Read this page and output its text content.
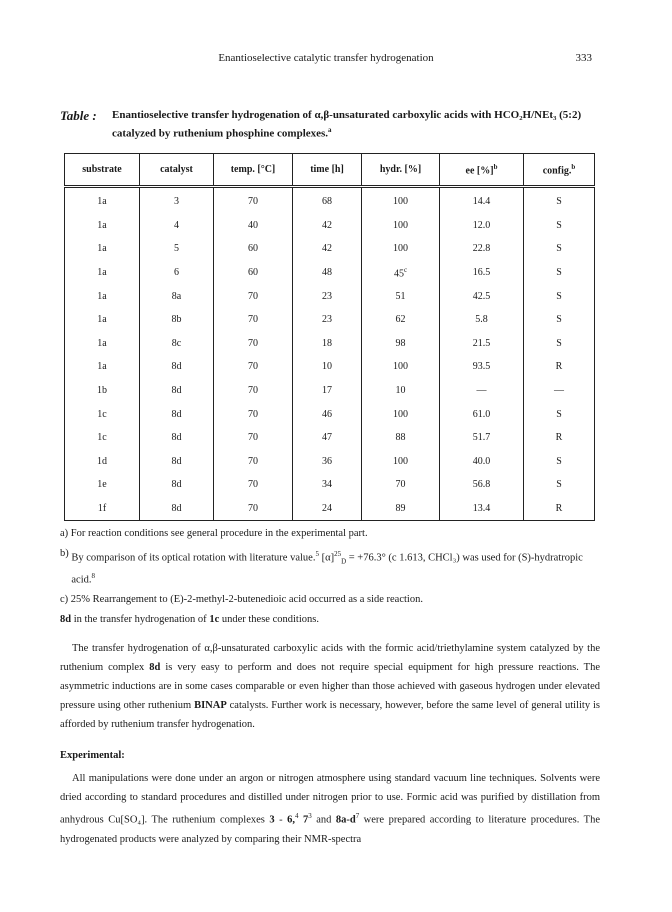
Enantioselective catalytic transfer hydrogenation	333
Table : Enantioselective transfer hydrogenation of α,β-unsaturated carboxylic acids with HCO₂H/NEt₃ (5:2) catalyzed by ruthenium phosphine complexes.$^a$
substrate	catalyst	temp. [°C]	time [h]	hydr. [%]	ee [%]$^b$	config.$^b$
1a	3	70	68	100	14.4	S
1a	4	40	42	100	12.0	S
1a	5	60	42	100	22.8	S
1a	6	60	48	45$^c$	16.5	S
1a	8a	70	23	51	42.5	S
1a	8b	70	23	62	5.8	S
1a	8c	70	18	98	21.5	S
1a	8d	70	10	100	93.5	R
1b	8d	70	17	10	—	—
1c	8d	70	46	100	61.0	S
1c	8d	70	47	88	51.7	R
1d	8d	70	36	100	40.0	S
1e	8d	70	34	70	56.8	S
1f	8d	70	24	89	13.4	R
a) For reaction conditions see general procedure in the experimental part.
b)
By comparison of its optical rotation with literature value.$^5$ $[\alpha]^{25}_D = +76.3^\circ$ (c 1.613, CHCl₃) was used for (S)-hydratropic acid.$^8$
c) 25% Rearrangement to (E)-2-methyl-2-butenedioic acid occurred as a side reaction.

8d in the transfer hydrogenation of 1c under these conditions.

The transfer hydrogenation of α,β-unsaturated carboxylic acids with the formic acid/triethylamine system catalyzed by the ruthenium complex 8d is very easy to perform and does not require special equipment for high pressure reactions. The asymmetric inductions are in some cases comparable or even higher than those achieved with gaseous hydrogen under elevated pressure using other ruthenium BINAP catalysts. Further work is necessary, however, before the same level of general utility is afforded by ruthenium transfer hydrogenation.

Experimental:

All manipulations were done under an argon or nitrogen atmosphere using standard vacuum line techniques. Solvents were dried according to standard procedures and distilled under nitrogen prior to use. Formic acid was purified by distillation from anhydrous Cu[SO₄]. The ruthenium complexes 3 - 6,$^4$ $7^3$ and $8a-d^7$ were prepared according to literature procedures. The hydrogenated products were analyzed by comparing their NMR-spectra
